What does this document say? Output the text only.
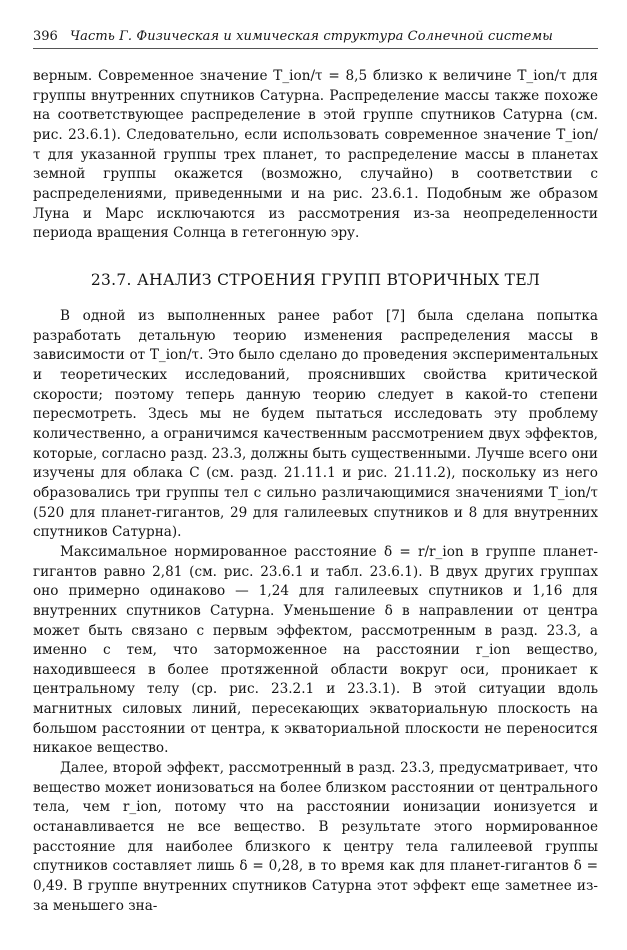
396 Часть Г. Физическая и химическая структура Солнечной системы

верным. Современное значение T_ion/τ = 8,5 близко к величине T_ion/τ для группы внутренних спутников Сатурна. Распределение массы также похоже на соответствующее распределение в этой группе спутников Сатурна (см. рис. 23.6.1). Следовательно, если использовать современное значение T_ion/τ для указанной группы трех планет, то распределение массы в планетах земной группы окажется (возможно, случайно) в соответствии с распределениями, приведенными и на рис. 23.6.1. Подобным же образом Луна и Марс исключаются из рассмотрения из-за неопределенности периода вращения Солнца в гетегонную эру.

23.7. АНАЛИЗ СТРОЕНИЯ ГРУПП ВТОРИЧНЫХ ТЕЛ

В одной из выполненных ранее работ [7] была сделана попытка разработать детальную теорию изменения распределения массы в зависимости от T_ion/τ. Это было сделано до проведения экспериментальных и теоретических исследований, прояснивших свойства критической скорости; поэтому теперь данную теорию следует в какой-то степени пересмотреть. Здесь мы не будем пытаться исследовать эту проблему количественно, а ограничимся качественным рассмотрением двух эффектов, которые, согласно разд. 23.3, должны быть существенными. Лучше всего они изучены для облака С (см. разд. 21.11.1 и рис. 21.11.2), поскольку из него образовались три группы тел с сильно различающимися значениями T_ion/τ (520 для планет-гигантов, 29 для галилеевых спутников и 8 для внутренних спутников Сатурна).

Максимальное нормированное расстояние δ = r/r_ion в группе планет-гигантов равно 2,81 (см. рис. 23.6.1 и табл. 23.6.1). В двух других группах оно примерно одинаково — 1,24 для галилеевых спутников и 1,16 для внутренних спутников Сатурна. Уменьшение δ в направлении от центра может быть связано с первым эффектом, рассмотренным в разд. 23.3, а именно с тем, что заторможенное на расстоянии r_ion вещество, находившееся в более протяженной области вокруг оси, проникает к центральному телу (ср. рис. 23.2.1 и 23.3.1). В этой ситуации вдоль магнитных силовых линий, пересекающих экваториальную плоскость на большом расстоянии от центра, к экваториальной плоскости не переносится никакое вещество.

Далее, второй эффект, рассмотренный в разд. 23.3, предусматривает, что вещество может ионизоваться на более близком расстоянии от центрального тела, чем r_ion, потому что на расстоянии ионизации ионизуется и останавливается не все вещество. В результате этого нормированное расстояние для наиболее близкого к центру тела галилеевой группы спутников составляет лишь δ = 0,28, в то время как для планет-гигантов δ = 0,49. В группе внутренних спутников Сатурна этот эффект еще заметнее из-за меньшего зна-
